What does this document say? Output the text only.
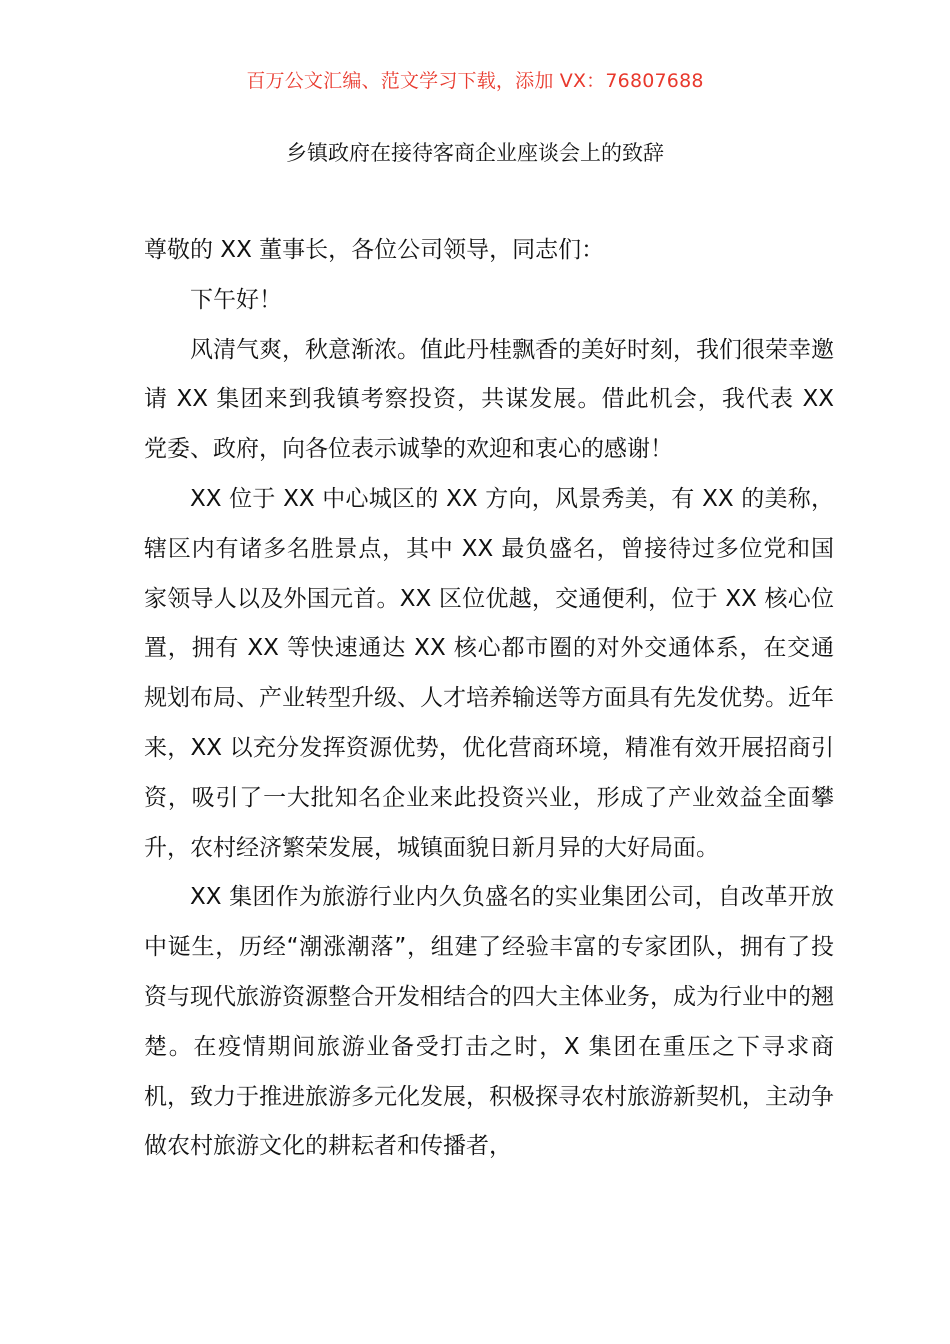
百万公文汇编、范文学习下载，添加 VX：76807688
乡镇政府在接待客商企业座谈会上的致辞

尊敬的 XX 董事长，各位公司领导，同志们：

下午好！

风清气爽，秋意渐浓。值此丹桂飘香的美好时刻，我们很荣幸邀请 XX 集团来到我镇考察投资，共谋发展。借此机会，我代表 XX 党委、政府，向各位表示诚挚的欢迎和衷心的感谢！

XX 位于 XX 中心城区的 XX 方向，风景秀美，有 XX 的美称，辖区内有诸多名胜景点，其中 XX 最负盛名，曾接待过多位党和国家领导人以及外国元首。XX 区位优越，交通便利，位于 XX 核心位置，拥有 XX 等快速通达 XX 核心都市圈的对外交通体系，在交通规划布局、产业转型升级、人才培养输送等方面具有先发优势。近年来，XX 以充分发挥资源优势，优化营商环境，精准有效开展招商引资，吸引了一大批知名企业来此投资兴业，形成了产业效益全面攀升，农村经济繁荣发展，城镇面貌日新月异的大好局面。

XX 集团作为旅游行业内久负盛名的实业集团公司，自改革开放中诞生，历经“潮涨潮落”，组建了经验丰富的专家团队，拥有了投资与现代旅游资源整合开发相结合的四大主体业务，成为行业中的翘楚。在疫情期间旅游业备受打击之时，X 集团在重压之下寻求商机，致力于推进旅游多元化发展，积极探寻农村旅游新契机，主动争做农村旅游文化的耕耘者和传播者，
